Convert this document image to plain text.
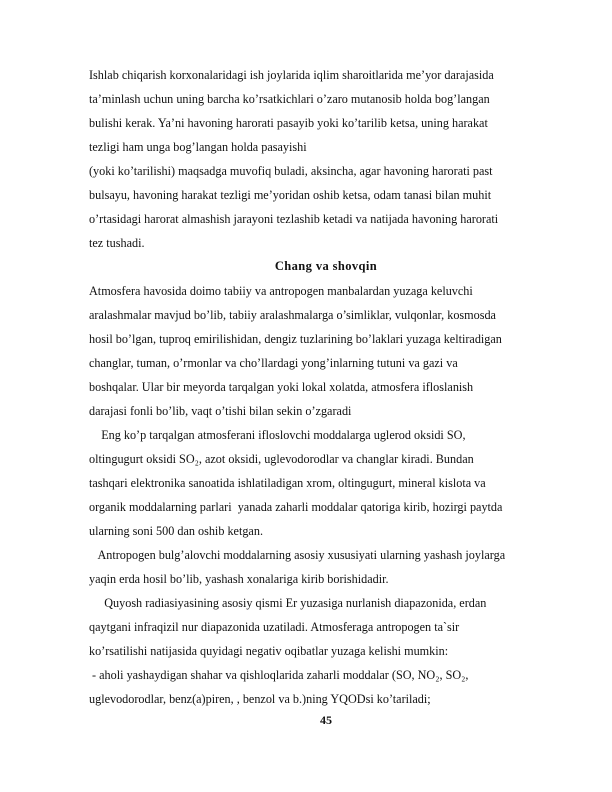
Ishlab chiqarish korxonalaridagi ish joylarida iqlim sharoitlarida me’yor darajasida
ta’minlash uchun uning barcha ko’rsatkichlari o’zaro mutanosib holda bog’langan
bulishi kerak. Ya’ni havoning harorati pasayib yoki ko’tarilib ketsa, uning harakat
tezligi ham unga bog’langan holda pasayishi
(yoki ko’tarilishi) maqsadga muvofiq buladi, aksincha, agar havoning harorati past
bulsayu, havoning harakat tezligi me’yoridan oshib ketsa, odam tanasi bilan muhit
o’rtasidagi harorat almashish jarayoni tezlashib ketadi va natijada havoning harorati
tez tushadi.
Chang va shovqin
Atmosfera havosida doimo tabiiy va antropogen manbalardan yuzaga keluvchi
aralashmalar mavjud bo’lib, tabiiy aralashmalarga o’simliklar, vulqonlar, kosmosda
hosil bo’lgan, tuproq emirilishidan, dengiz tuzlarining bo’laklari yuzaga keltiradigan
changlar, tuman, o’rmonlar va cho’llardagi yong’inlarning tutuni va gazi va
boshqalar. Ular bir meyorda tarqalgan yoki lokal xolatda, atmosfera ifloslanish
darajasi fonli bo’lib, vaqt o’tishi bilan sekin o’zgaradi
Eng ko’p tarqalgan atmosferani ifloslovchi moddalarga uglerod oksidi SO,
oltingugurt oksidi SO₂, azot oksidi, uglevodorodlar va changlar kiradi. Bundan
tashqari elektronika sanoatida ishlatiladigan xrom, oltingugurt, mineral kislota va
organik moddalarning parlari  yanada zaharli moddalar qatoriga kirib, hozirgi paytda
ularning soni 500 dan oshib ketgan.
Antropogen bulg’alovchi moddalarning asosiy xususiyati ularning yashash joylarga
yaqin erda hosil bo’lib, yashash xonalariga kirib borishidadir.
Quyosh radiasiyasining asosiy qismi Er yuzasiga nurlanish diapazonida, erdan
qaytgani infraqizil nur diapazonida uzatiladi. Atmosferaga antropogen ta`sir
ko’rsatilishi natijasida quyidagi negativ oqibatlar yuzaga kelishi mumkin:
- aholi yashaydigan shahar va qishloqlarida zaharli moddalar (SO, NO₂, SO₂,
uglevodorodlar, benz(a)piren, , benzol va b.)ning YQODsi ko’tariladi;
45
